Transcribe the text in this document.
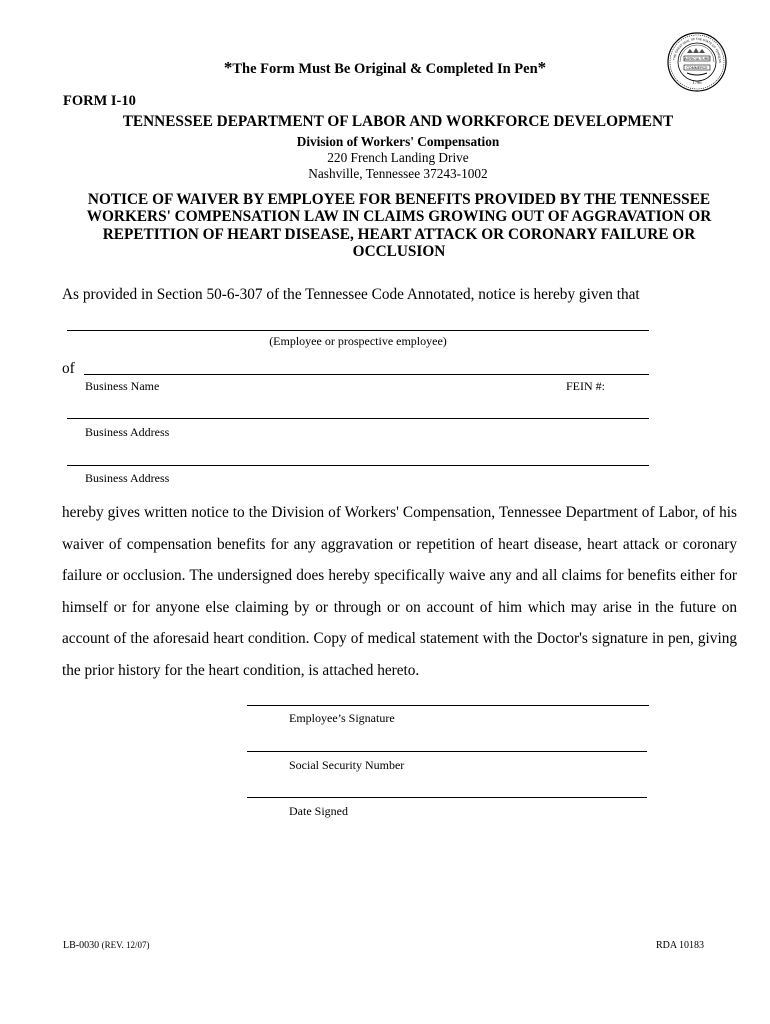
*The Form Must Be Original & Completed In Pen*	AGRICULTURE
COMMERCE
1796
THE GREAT SEAL OF THE STATE OF TENNESS
FORM I-10
TENNESSEE DEPARTMENT OF LABOR AND WORKFORCE DEVELOPMENT
Division of Workers' Compensation
220 French Landing Drive
Nashville, Tennessee 37243-1002
NOTICE OF WAIVER BY EMPLOYEE FOR BENEFITS PROVIDED BY THE TENNESSEE
WORKERS' COMPENSATION LAW IN CLAIMS GROWING OUT OF AGGRAVATION OR
REPETITION OF HEART DISEASE, HEART ATTACK OR CORONARY FAILURE OR
OCCLUSION
As provided in Section 50-6-307 of the Tennessee Code Annotated, notice is hereby given that
(Employee or prospective employee)
of
Business Name	FEIN #:
Business Address
Business Address
hereby gives written notice to the Division of Workers' Compensation, Tennessee Department of Labor, of his
waiver of compensation benefits for any aggravation or repetition of heart disease, heart attack or coronary
failure or occlusion. The undersigned does hereby specifically waive any and all claims for benefits either for
himself or for anyone else claiming by or through or on account of him which may arise in the future on
account of the aforesaid heart condition. Copy of medical statement with the Doctor's signature in pen, giving
the prior history for the heart condition, is attached hereto.
Employee’s Signature
Social Security Number
Date Signed
LB-0030 (REV. 12/07)	RDA 10183
